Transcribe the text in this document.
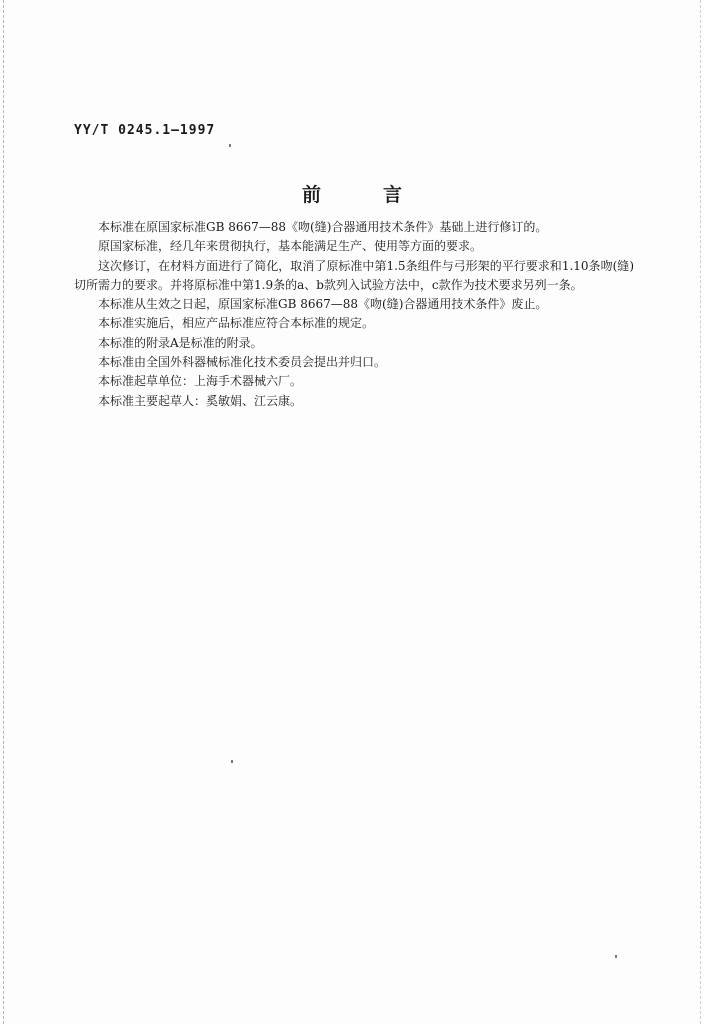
YY/T 0245.1—1997
前	言

本标准在原国家标准GB 8667—88《吻(缝)合器通用技术条件》基础上进行修订的。

原国家标准，经几年来贯彻执行，基本能满足生产、使用等方面的要求。

这次修订，在材料方面进行了简化，取消了原标准中第1.5条组件与弓形架的平行要求和1.10条吻(缝)切所需力的要求。并将原标准中第1.9条的a、b款列入试验方法中，c款作为技术要求另列一条。

本标准从生效之日起，原国家标准GB 8667—88《吻(缝)合器通用技术条件》废止。

本标准实施后，相应产品标准应符合本标准的规定。

本标准的附录A是标准的附录。

本标准由全国外科器械标准化技术委员会提出并归口。

本标准起草单位：上海手术器械六厂。

本标准主要起草人：奚敏娟、江云康。
